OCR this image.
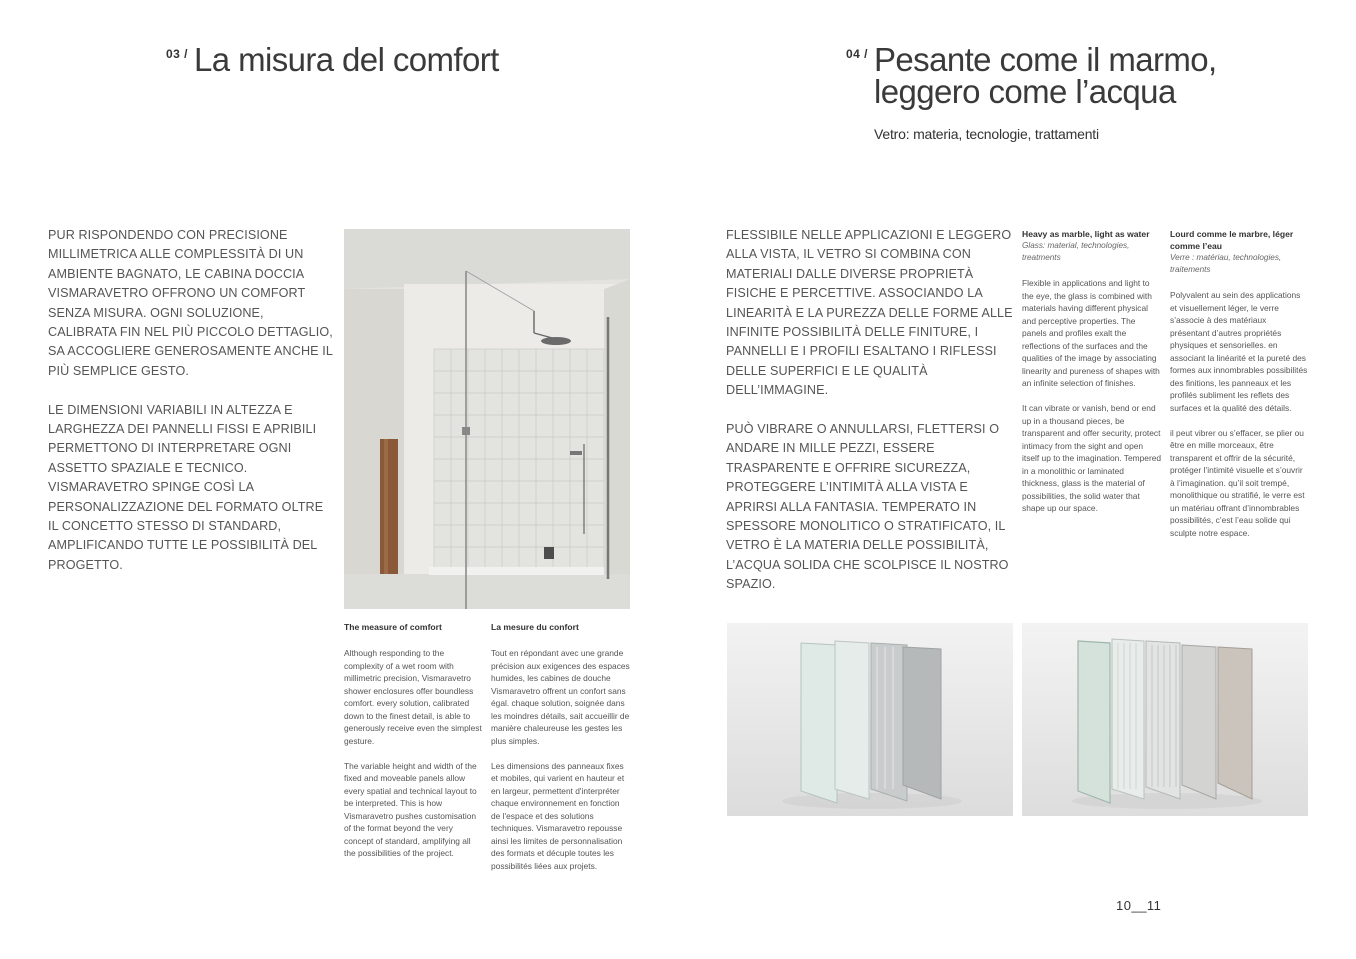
03 / La misura del comfort

PUR RISPONDENDO CON PRECISIONE MILLIMETRICA ALLE COMPLESSITÀ DI UN AMBIENTE BAGNATO, LE CABINA DOCCIA VISMARAVETRO OFFRONO UN COMFORT SENZA MISURA. OGNI SOLUZIONE, CALIBRATA FIN NEL PIÙ PICCOLO DETTAGLIO, SA ACCOGLIERE GENEROSAMENTE ANCHE IL PIÙ SEMPLICE GESTO.

LE DIMENSIONI VARIABILI IN ALTEZZA E LARGHEZZA DEI PANNELLI FISSI E APRIBILI PERMETTONO DI INTERPRETARE OGNI ASSETTO SPAZIALE E TECNICO. VISMARAVETRO SPINGE COSÌ LA PERSONALIZZAZIONE DEL FORMATO OLTRE IL CONCETTO STESSO DI STANDARD, AMPLIFICANDO TUTTE LE POSSIBILITÀ DEL PROGETTO.

The measure of comfort

Although responding to the complexity of a wet room with millimetric precision, Vismaravetro shower enclosures offer boundless comfort. every solution, calibrated down to the finest detail, is able to generously receive even the simplest gesture.

The variable height and width of the fixed and moveable panels allow every spatial and technical layout to be interpreted. This is how Vismaravetro pushes customisation of the format beyond the very concept of standard, amplifying all the possibilities of the project.

La mesure du confort

Tout en répondant avec une grande précision aux exigences des espaces humides, les cabines de douche Vismaravetro offrent un confort sans égal. chaque solution, soignée dans les moindres détails, sait accueillir de manière chaleureuse les gestes les plus simples.

Les dimensions des panneaux fixes et mobiles, qui varient en hauteur et en largeur, permettent d'interpréter chaque environnement en fonction de l'espace et des solutions techniques. Vismaravetro repousse ainsi les limites de personnalisation des formats et décuple toutes les possibilités liées aux projets.

04 / Pesante come il marmo,
leggero come l’acqua
Vetro: materia, tecnologie, trattamenti

FLESSIBILE NELLE APPLICAZIONI E LEGGERO ALLA VISTA, IL VETRO SI COMBINA CON MATERIALI DALLE DIVERSE PROPRIETÀ FISICHE E PERCETTIVE. ASSOCIANDO LA LINEARITÀ E LA PUREZZA DELLE FORME ALLE INFINITE POSSIBILITÀ DELLE FINITURE, I PANNELLI E I PROFILI ESALTANO I RIFLESSI DELLE SUPERFICI E LE QUALITÀ DELL’IMMAGINE.

PUÒ VIBRARE O ANNULLARSI, FLETTERSI O ANDARE IN MILLE PEZZI, ESSERE TRASPARENTE E OFFRIRE SICUREZZA, PROTEGGERE L’INTIMITÀ ALLA VISTA E APRIRSI ALLA FANTASIA. TEMPERATO IN SPESSORE MONOLITICO O STRATIFICATO, IL VETRO È LA MATERIA DELLE POSSIBILITÀ, L’ACQUA SOLIDA CHE SCOLPISCE IL NOSTRO SPAZIO.

Heavy as marble, light as water
Glass: material, technologies, treatments

Flexible in applications and light to the eye, the glass is combined with materials having different physical and perceptive properties. The panels and profiles exalt the reflections of the surfaces and the qualities of the image by associating linearity and pureness of shapes with an infinite selection of finishes.

It can vibrate or vanish, bend or end up in a thousand pieces, be transparent and offer security, protect intimacy from the sight and open itself up to the imagination. Tempered in a monolithic or laminated thickness, glass is the material of possibilities, the solid water that shape up our space.

Lourd comme le marbre, léger comme l’eau
Verre : matériau, technologies, traitements

Polyvalent au sein des applications et visuellement léger, le verre s’associe à des matériaux présentant d’autres propriétés physiques et sensorielles. en associant la linéarité et la pureté des formes aux innombrables possibilités des finitions, les panneaux et les profilés subliment les reflets des surfaces et la qualité des détails.

il peut vibrer ou s’effacer, se plier ou être en mille morceaux, être transparent et offrir de la sécurité, protéger l’intimité visuelle et s’ouvrir à l’imagination. qu’il soit trempé, monolithique ou stratifié, le verre est un matériau offrant d’innombrables possibilités, c’est l’eau solide qui sculpte notre espace.

10__11
